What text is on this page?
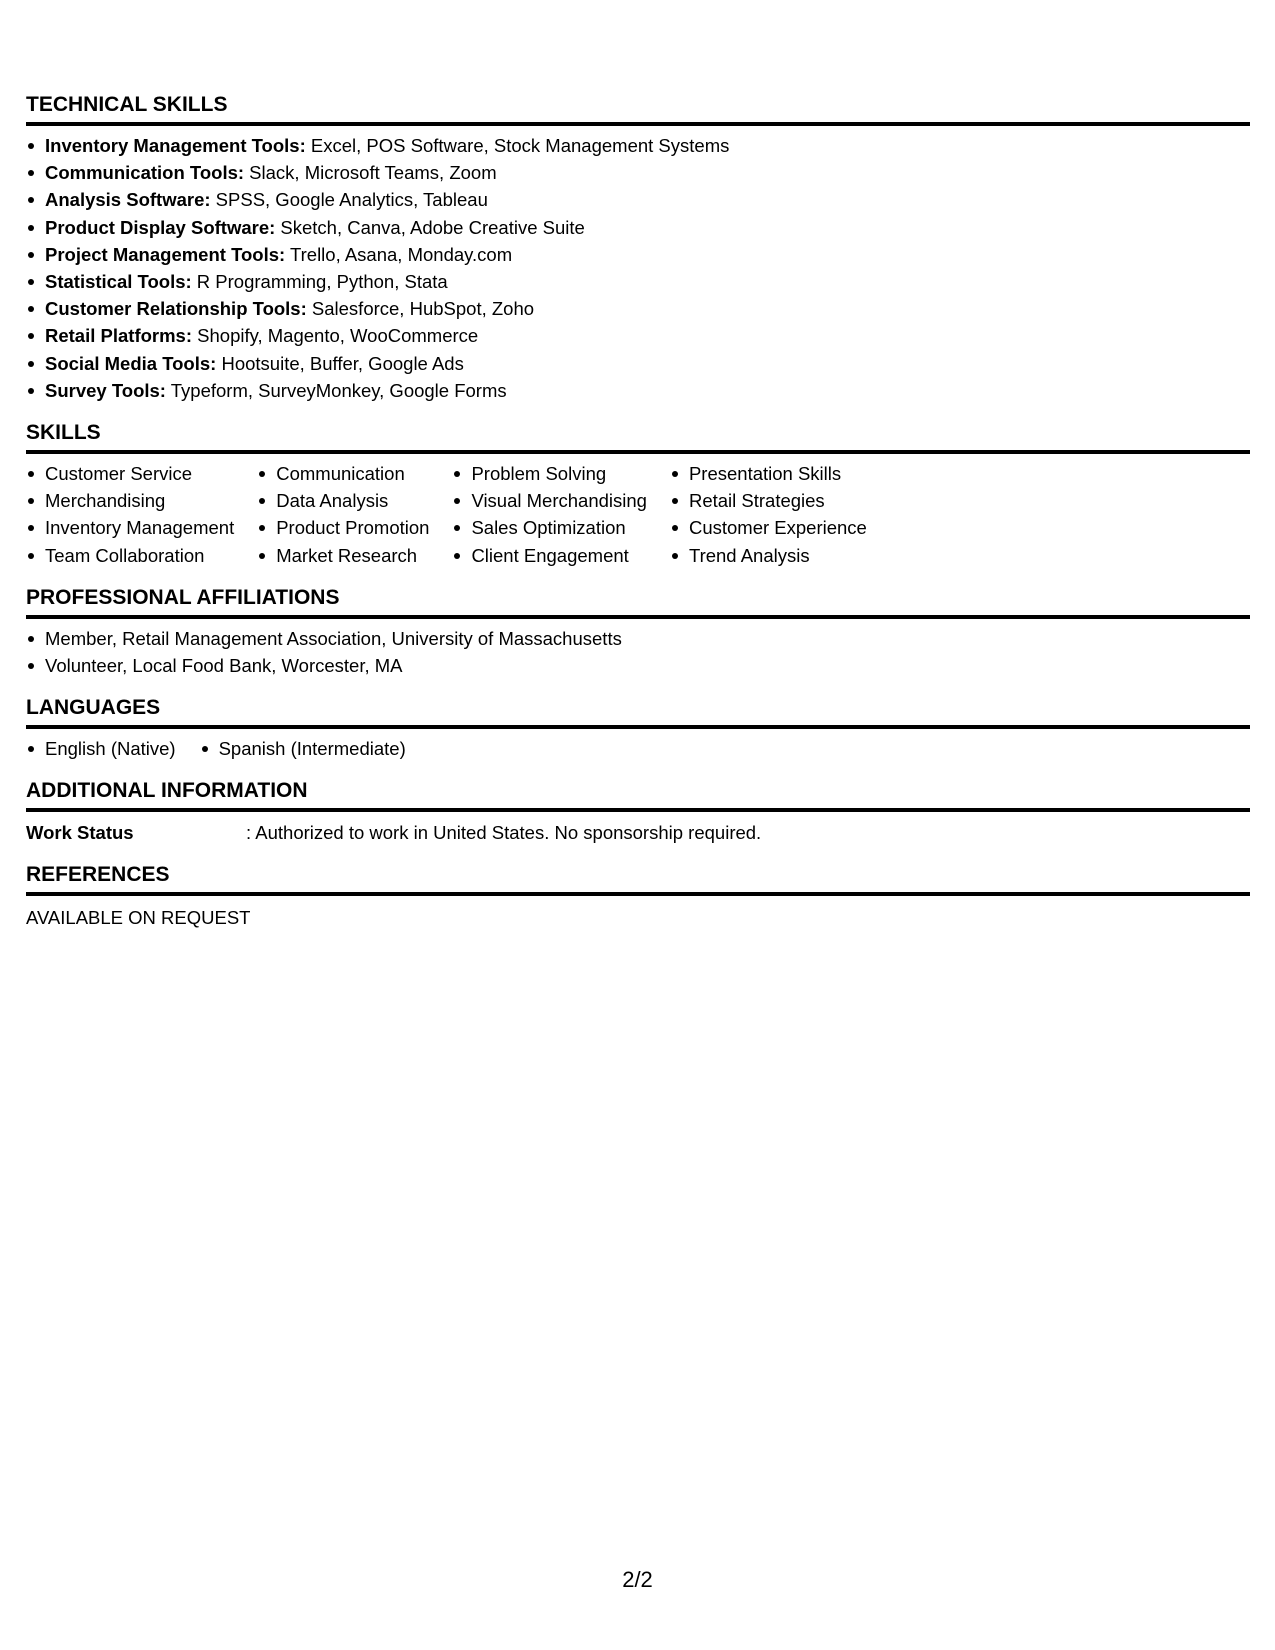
TECHNICAL SKILLS
Inventory Management Tools: Excel, POS Software, Stock Management Systems
Communication Tools: Slack, Microsoft Teams, Zoom
Analysis Software: SPSS, Google Analytics, Tableau
Product Display Software: Sketch, Canva, Adobe Creative Suite
Project Management Tools: Trello, Asana, Monday.com
Statistical Tools: R Programming, Python, Stata
Customer Relationship Tools: Salesforce, HubSpot, Zoho
Retail Platforms: Shopify, Magento, WooCommerce
Social Media Tools: Hootsuite, Buffer, Google Ads
Survey Tools: Typeform, SurveyMonkey, Google Forms
SKILLS
Customer Service
Merchandising
Inventory Management
Team Collaboration
Communication
Data Analysis
Product Promotion
Market Research
Problem Solving
Visual Merchandising
Sales Optimization
Client Engagement
Presentation Skills
Retail Strategies
Customer Experience
Trend Analysis
PROFESSIONAL AFFILIATIONS
Member, Retail Management Association, University of Massachusetts
Volunteer, Local Food Bank, Worcester, MA
LANGUAGES
English (Native)	Spanish (Intermediate)
ADDITIONAL INFORMATION
Work Status	: Authorized to work in United States. No sponsorship required.
REFERENCES
AVAILABLE ON REQUEST
2/2
